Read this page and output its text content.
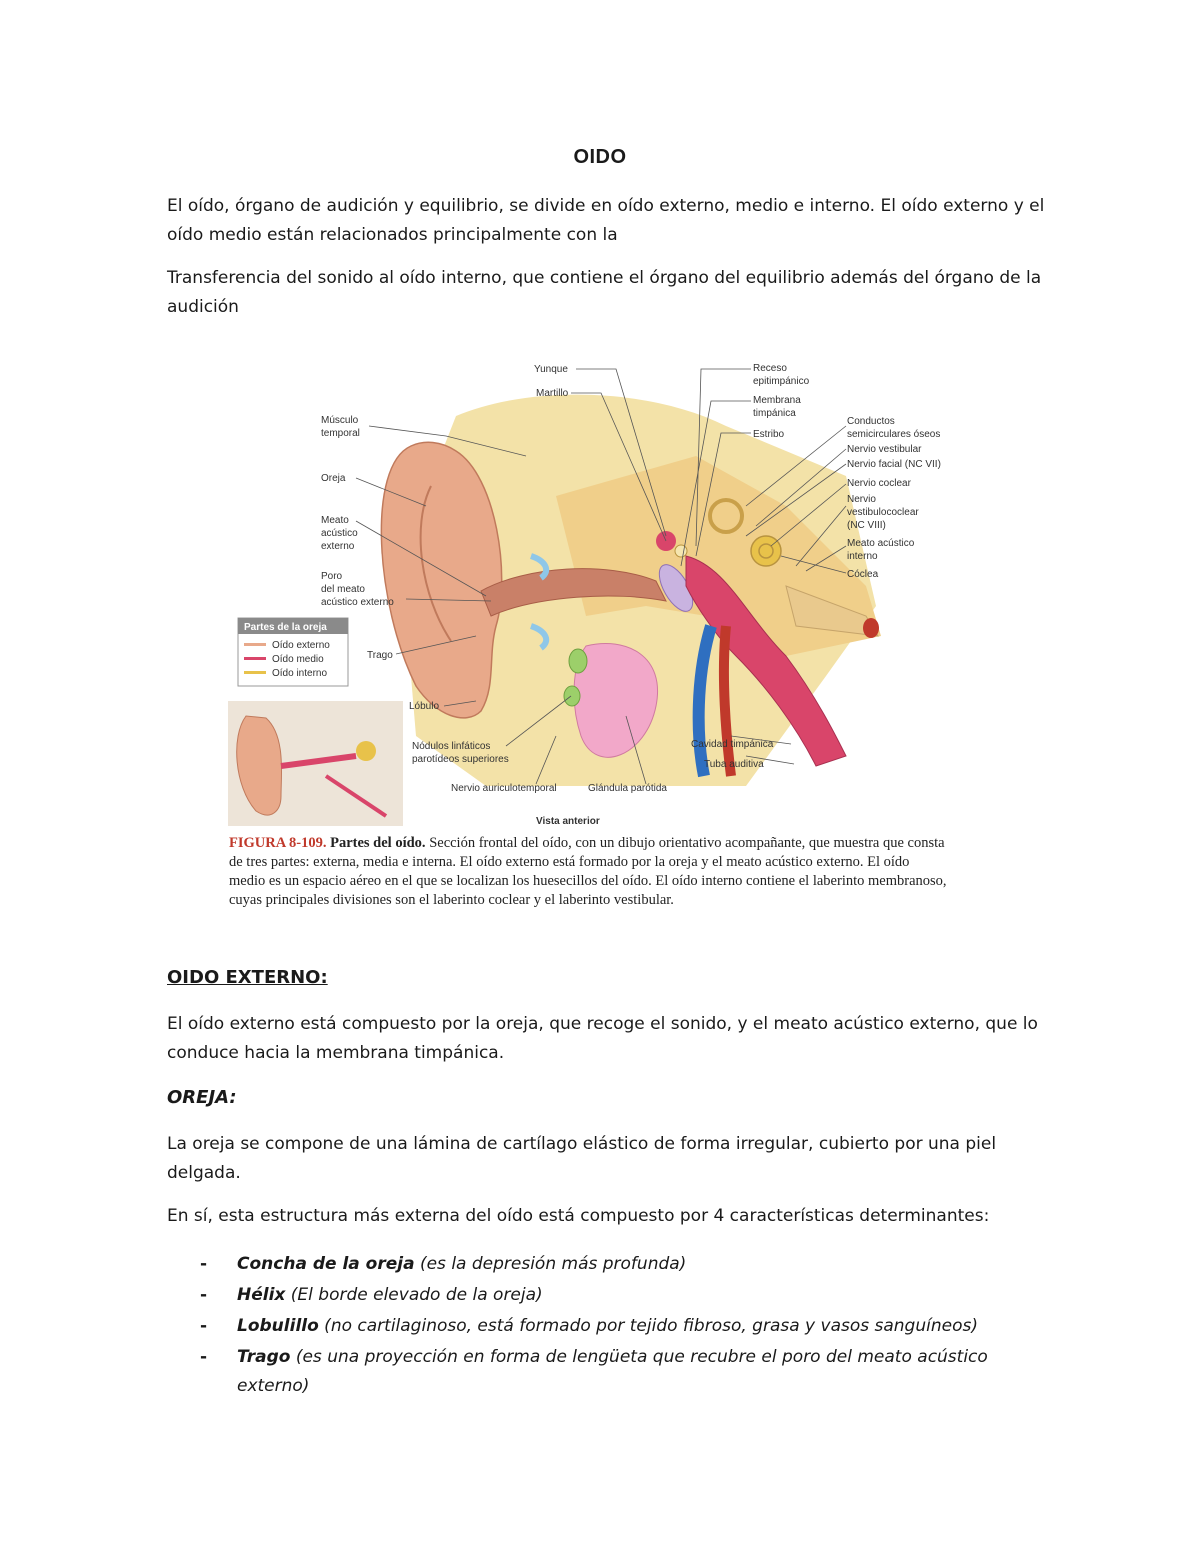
OIDO

El oído, órgano de audición y equilibrio, se divide en oído externo, medio e interno. El oído externo y el oído medio están relacionados principalmente con la

Transferencia del sonido al oído interno, que contiene el órgano del equilibrio además del órgano de la audición

Partes de la oreja
Oído externo
Oído medio
Oído interno
Yunque
Martillo
Músculo
temporal
Oreja
Meato
acústico
externo
Poro
del meato
acústico externo
Trago
Lóbulo
Nódulos linfáticos
parotídeos superiores
Nervio auriculotemporal	Glándula parótida
Vista anterior
Receso
epitimpánico
Membrana
timpánica
Estribo
Conductos
semicirculares óseos
Nervio vestibular
Nervio facial (NC VII)
Nervio coclear
Nervio
vestibulococlear
(NC VIII)
Meato acústico
interno
Cóclea
Cavidad timpánica
Tuba auditiva

FIGURA 8-109. Partes del oído. Sección frontal del oído, con un dibujo orientativo acompañante, que muestra que consta de tres partes: externa, media e interna. El oído externo está formado por la oreja y el meato acústico externo. El oído medio es un espacio aéreo en el que se localizan los huesecillos del oído. El oído interno contiene el laberinto membranoso, cuyas principales divisiones son el laberinto coclear y el laberinto vestibular.

OIDO EXTERNO:

El oído externo está compuesto por la oreja, que recoge el sonido, y el meato acústico externo, que lo conduce hacia la membrana timpánica.

OREJA:

La oreja se compone de una lámina de cartílago elástico de forma irregular, cubierto por una piel delgada.

En sí, esta estructura más externa del oído está compuesto por 4 características determinantes:

- Concha de la oreja (es la depresión más profunda)
- Hélix (El borde elevado de la oreja)
- Lobulillo (no cartilaginoso, está formado por tejido fibroso, grasa y vasos sanguíneos)
- Trago (es una proyección en forma de lengüeta que recubre el poro del meato acústico externo)
